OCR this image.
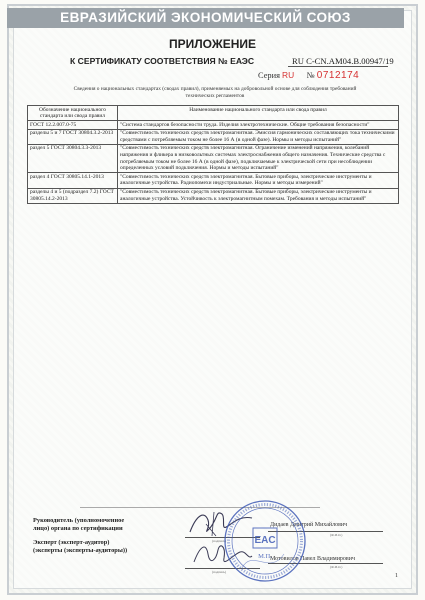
ЕВРАЗИЙСКИЙ ЭКОНОМИЧЕСКИЙ СОЮЗ
ПРИЛОЖЕНИЕ
К СЕРТИФИКАТУ СООТВЕТСТВИЯ № ЕАЭС	RU C-CN.АМ04.В.00947/19
Серия RU № 0712174
Сведения о национальных стандартах (сводах правил), применяемых на добровольной основе для соблюдения требований технических регламентов
Обозначение национального стандарта или свода правил	Наименование национального стандарта или свода правил
ГОСТ 12.2.007.0-75	"Система стандартов безопасности труда. Изделия электротехнические. Общие требования безопасности"
разделы 5 и 7 ГОСТ 30804.3.2-2013	"Совместимость технических средств электромагнитная. Эмиссия гармонических составляющих тока техническими средствами с потребляемым током не более 16 А (в одной фазе). Нормы и методы испытаний"
раздел 5 ГОСТ 30804.3.3-2013	"Совместимость технических средств электромагнитная. Ограничение изменений напряжения, колебаний напряжения и фликера в низковольтных системах электроснабжения общего назначения. Технические средства с потребляемым током не более 16 А (в одной фазе), подключаемые к электрической сети при несоблюдении определенных условий подключения. Нормы и методы испытаний"
раздел 4 ГОСТ 30805.14.1-2013	"Совместимость технических средств электромагнитная. Бытовые приборы, электрические инструменты и аналогичные устройства. Радиопомехи индустриальные. Нормы и методы измерений"
разделы 4 и 5 (подраздел 7.2) ГОСТ 30805.14.2-2013	"Совместимость технических средств электромагнитная. Бытовые приборы, электрические инструменты и аналогичные устройства. Устойчивость к электромагнитным помехам. Требования и методы испытаний"
Руководитель (уполномоченное
лицо) органа по сертификации
Эксперт (эксперт-аудитор)
(эксперты (эксперты-аудиторы))
(подпись)
(подпись)
Дидаев Дмитрий Михайлович
(Ф.И.О.)
Мотовилов Павел Владимирович
(Ф.И.О.)
EAC
М.П.
1
